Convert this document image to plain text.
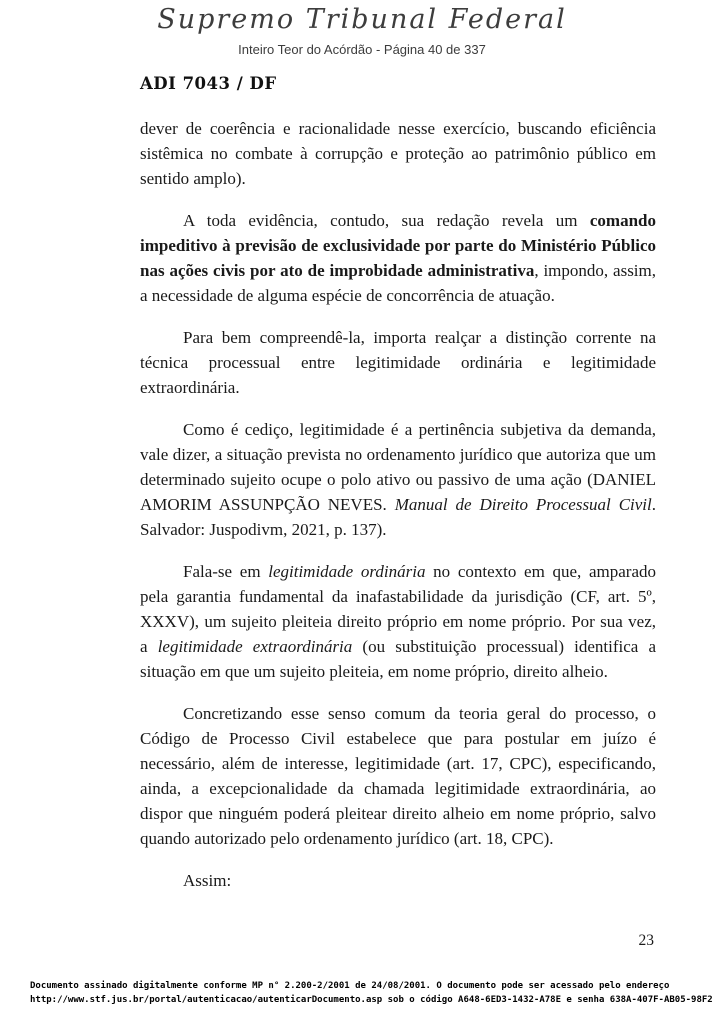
Supremo Tribunal Federal
Inteiro Teor do Acórdão - Página 40 de 337
ADI 7043 / DF

dever de coerência e racionalidade nesse exercício, buscando eficiência sistêmica no combate à corrupção e proteção ao patrimônio público em sentido amplo).

A toda evidência, contudo, sua redação revela um comando impeditivo à previsão de exclusividade por parte do Ministério Público nas ações civis por ato de improbidade administrativa, impondo, assim, a necessidade de alguma espécie de concorrência de atuação.

Para bem compreendê-la, importa realçar a distinção corrente na técnica processual entre legitimidade ordinária e legitimidade extraordinária.

Como é cediço, legitimidade é a pertinência subjetiva da demanda, vale dizer, a situação prevista no ordenamento jurídico que autoriza que um determinado sujeito ocupe o polo ativo ou passivo de uma ação (DANIEL AMORIM ASSUNPÇÃO NEVES. Manual de Direito Processual Civil. Salvador: Juspodivm, 2021, p. 137).

Fala-se em legitimidade ordinária no contexto em que, amparado pela garantia fundamental da inafastabilidade da jurisdição (CF, art. 5º, XXXV), um sujeito pleiteia direito próprio em nome próprio. Por sua vez, a legitimidade extraordinária (ou substituição processual) identifica a situação em que um sujeito pleiteia, em nome próprio, direito alheio.

Concretizando esse senso comum da teoria geral do processo, o Código de Processo Civil estabelece que para postular em juízo é necessário, além de interesse, legitimidade (art. 17, CPC), especificando, ainda, a excepcionalidade da chamada legitimidade extraordinária, ao dispor que ninguém poderá pleitear direito alheio em nome próprio, salvo quando autorizado pelo ordenamento jurídico (art. 18, CPC).

Assim:

23
Documento assinado digitalmente conforme MP n° 2.200-2/2001 de 24/08/2001. O documento pode ser acessado pelo endereço
http://www.stf.jus.br/portal/autenticacao/autenticarDocumento.asp sob o código A648-6ED3-1432-A78E e senha 638A-407F-AB05-98F2
